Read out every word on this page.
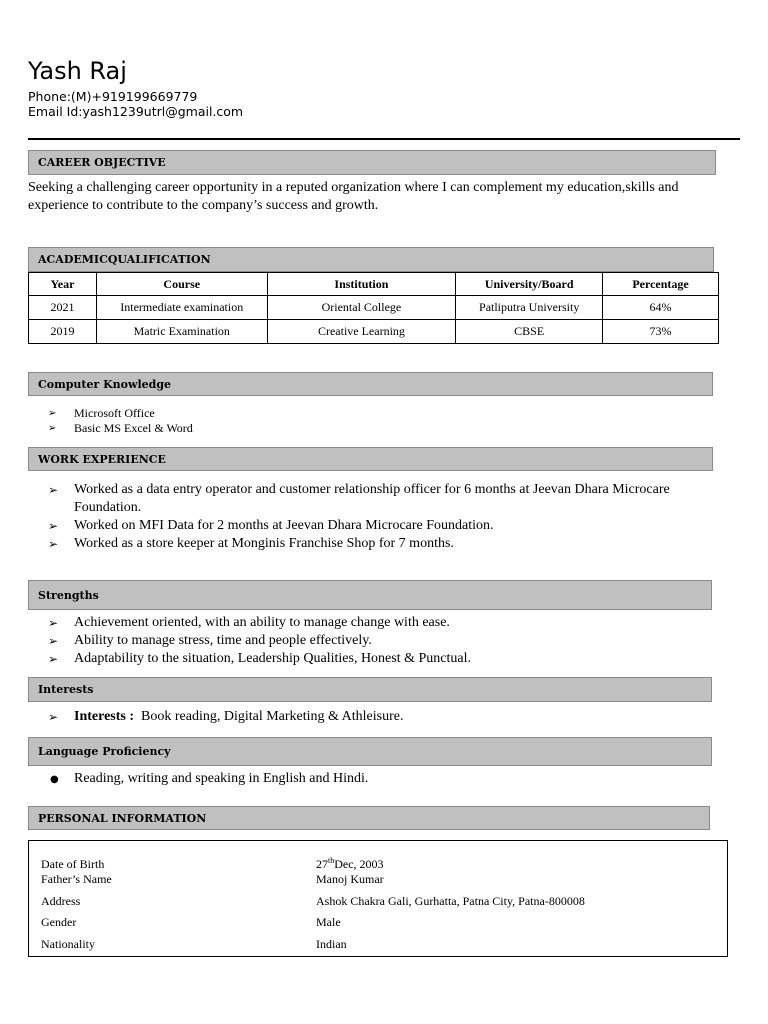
Yash Raj
Phone:(M)+919199669779
Email Id:yash1239utrl@gmail.com
CAREER OBJECTIVE
Seeking a challenging career opportunity in a reputed organization where I can complement my education,skills and experience to contribute to the company’s success and growth.
ACADEMICQUALIFICATION
Year	Course	Institution	University/Board	Percentage
2021	Intermediate examination	Oriental College	Patliputra University	64%
2019	Matric Examination	Creative Learning	CBSE	73%
Computer Knowledge
➢ Microsoft Office
➢ Basic MS Excel & Word
WORK EXPERIENCE
➢ Worked as a data entry operator and customer relationship officer for 6 months at Jeevan Dhara Microcare Foundation.
➢ Worked on MFI Data for 2 months at Jeevan Dhara Microcare Foundation.
➢ Worked as a store keeper at Monginis Franchise Shop for 7 months.
Strengths
➢ Achievement oriented, with an ability to manage change with ease.
➢ Ability to manage stress, time and people effectively.
➢ Adaptability to the situation, Leadership Qualities, Honest & Punctual.
Interests
➢ Interests : Book reading, Digital Marketing & Athleisure.
Language Proficiency
● Reading, writing and speaking in English and Hindi.
PERSONAL INFORMATION
Date of Birth	27thDec, 2003
Father’s Name	Manoj Kumar
Address	Ashok Chakra Gali, Gurhatta, Patna City, Patna-800008
Gender	Male
Nationality	Indian
